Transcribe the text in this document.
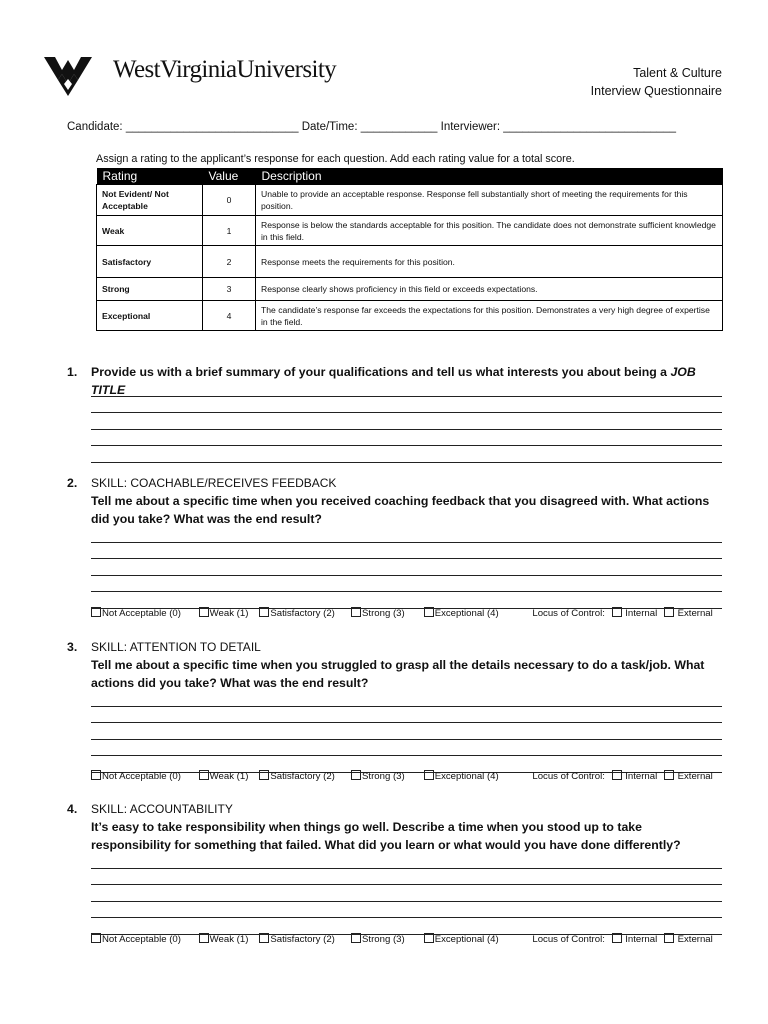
WestVirginiaUniversity	Talent & Culture
Interview Questionnaire
Candidate: ___________________________ Date/Time: ____________ Interviewer: ___________________________
Assign a rating to the applicant’s response for each question. Add each rating value for a total score.
Rating	Value	Description
Not Evident/ Not Acceptable	0	Unable to provide an acceptable response. Response fell substantially short of meeting the requirements for this position.
Weak	1	Response is below the standards acceptable for this position. The candidate does not demonstrate sufficient knowledge in this field.
Satisfactory	2	Response meets the requirements for this position.
Strong	3	Response clearly shows proficiency in this field or exceeds expectations.
Exceptional	4	The candidate’s response far exceeds the expectations for this position. Demonstrates a very high degree of expertise in the field.
1. Provide us with a brief summary of your qualifications and tell us what interests you about being a JOB TITLE
2. SKILL: COACHABLE/RECEIVES FEEDBACK
Tell me about a specific time when you received coaching feedback that you disagreed with. What actions did you take? What was the end result?
Not Acceptable (0)	Weak (1) Satisfactory (2)	Strong (3)	Exceptional (4)	Locus of Control: Internal External
3. SKILL: ATTENTION TO DETAIL
Tell me about a specific time when you struggled to grasp all the details necessary to do a task/job. What actions did you take? What was the end result?
Not Acceptable (0)	Weak (1) Satisfactory (2)	Strong (3)	Exceptional (4)	Locus of Control: Internal External
4. SKILL: ACCOUNTABILITY
It’s easy to take responsibility when things go well. Describe a time when you stood up to take responsibility for something that failed. What did you learn or what would you have done differently?
Not Acceptable (0)	Weak (1) Satisfactory (2)	Strong (3)	Exceptional (4)	Locus of Control: Internal External
